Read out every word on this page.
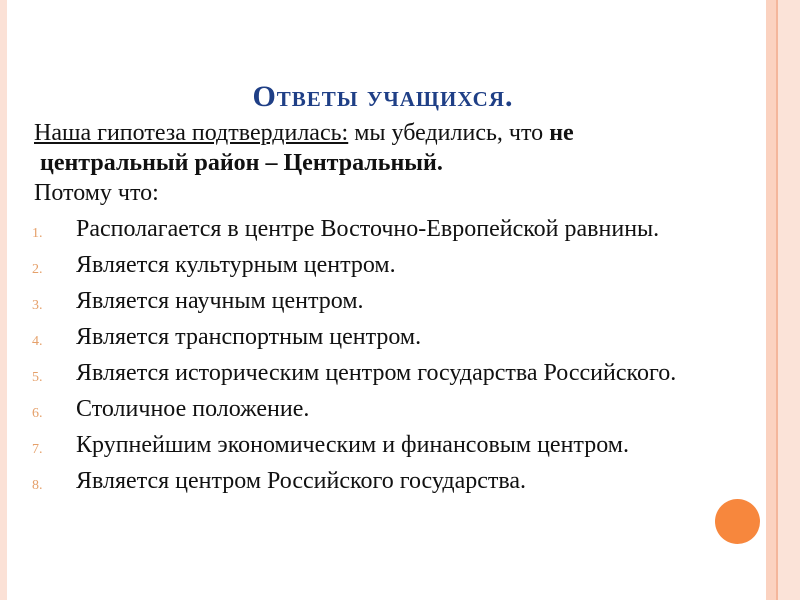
Ответы учащихся.
Наша гипотеза подтвердилась: мы убедились, что не
центральный район – Центральный.
Потому что:
1. Располагается в центре Восточно-Европейской равнины.
2. Является культурным центром.
3. Является научным центром.
4. Является транспортным центром.
5. Является историческим центром государства Российского.
6. Столичное положение.
7. Крупнейшим экономическим и финансовым центром.
8. Является центром Российского государства.
